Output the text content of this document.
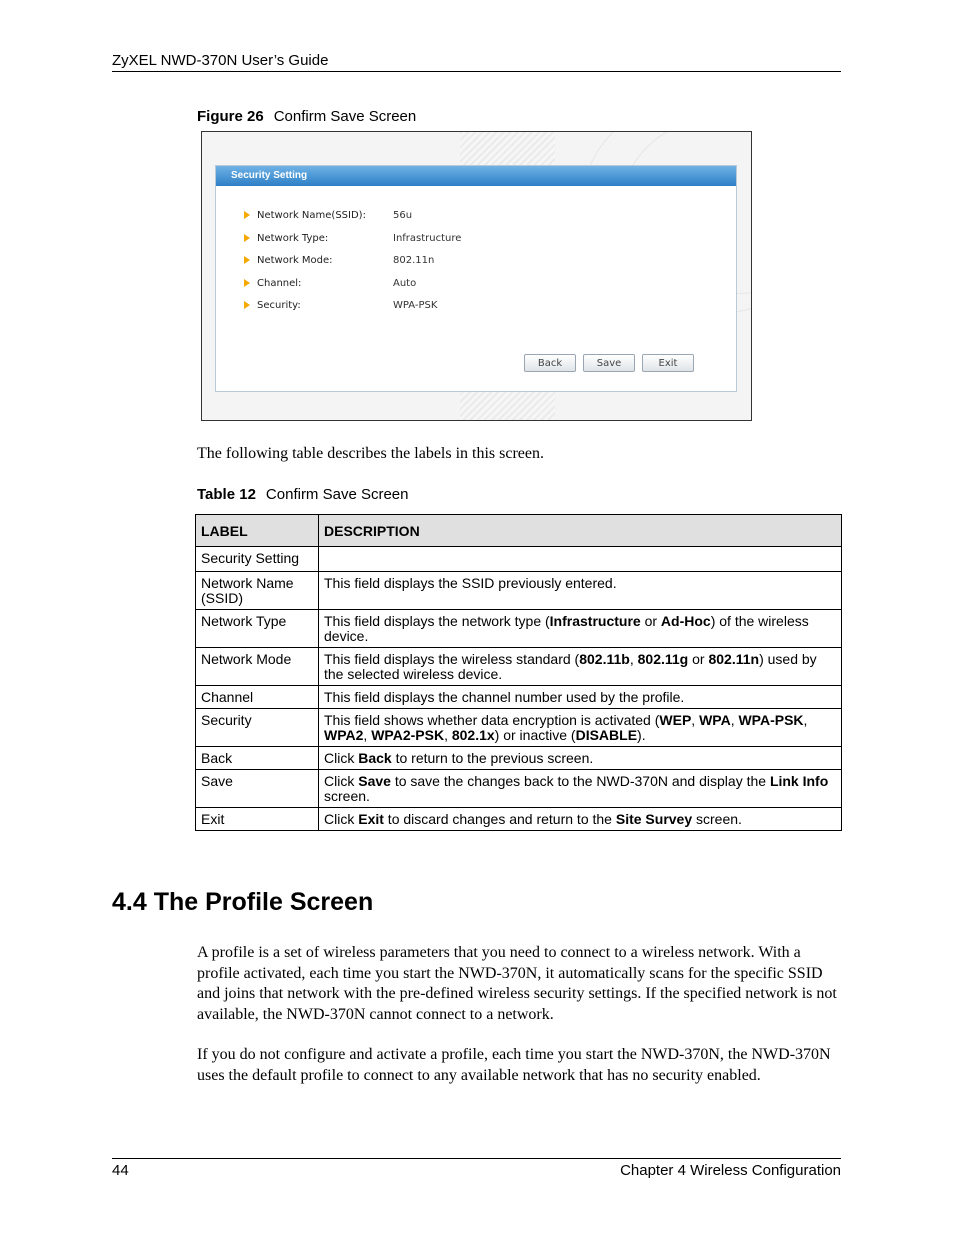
ZyXEL NWD-370N User’s Guide
Figure 26 Confirm Save Screen
Security Setting
Network Name(SSID):	56u
Network Type:	Infrastructure
Network Mode:	802.11n
Channel:	Auto
Security:	WPA-PSK
Back	Save	Exit
The following table describes the labels in this screen.
Table 12 Confirm Save Screen
LABEL	DESCRIPTION
Security Setting	
Network Name (SSID)	This field displays the SSID previously entered.
Network Type	This field displays the network type (Infrastructure or Ad-Hoc) of the wireless device.
Network Mode	This field displays the wireless standard (802.11b, 802.11g or 802.11n) used by the selected wireless device.
Channel	This field displays the channel number used by the profile.
Security	This field shows whether data encryption is activated (WEP, WPA, WPA-PSK, WPA2, WPA2-PSK, 802.1x) or inactive (DISABLE).
Back	Click Back to return to the previous screen.
Save	Click Save to save the changes back to the NWD-370N and display the Link Info screen.
Exit	Click Exit to discard changes and return to the Site Survey screen.
4.4 The Profile Screen
A profile is a set of wireless parameters that you need to connect to a wireless network. With a profile activated, each time you start the NWD-370N, it automatically scans for the specific SSID and joins that network with the pre-defined wireless security settings. If the specified network is not available, the NWD-370N cannot connect to a network.
If you do not configure and activate a profile, each time you start the NWD-370N, the NWD-370N uses the default profile to connect to any available network that has no security enabled.
44	Chapter 4 Wireless Configuration
